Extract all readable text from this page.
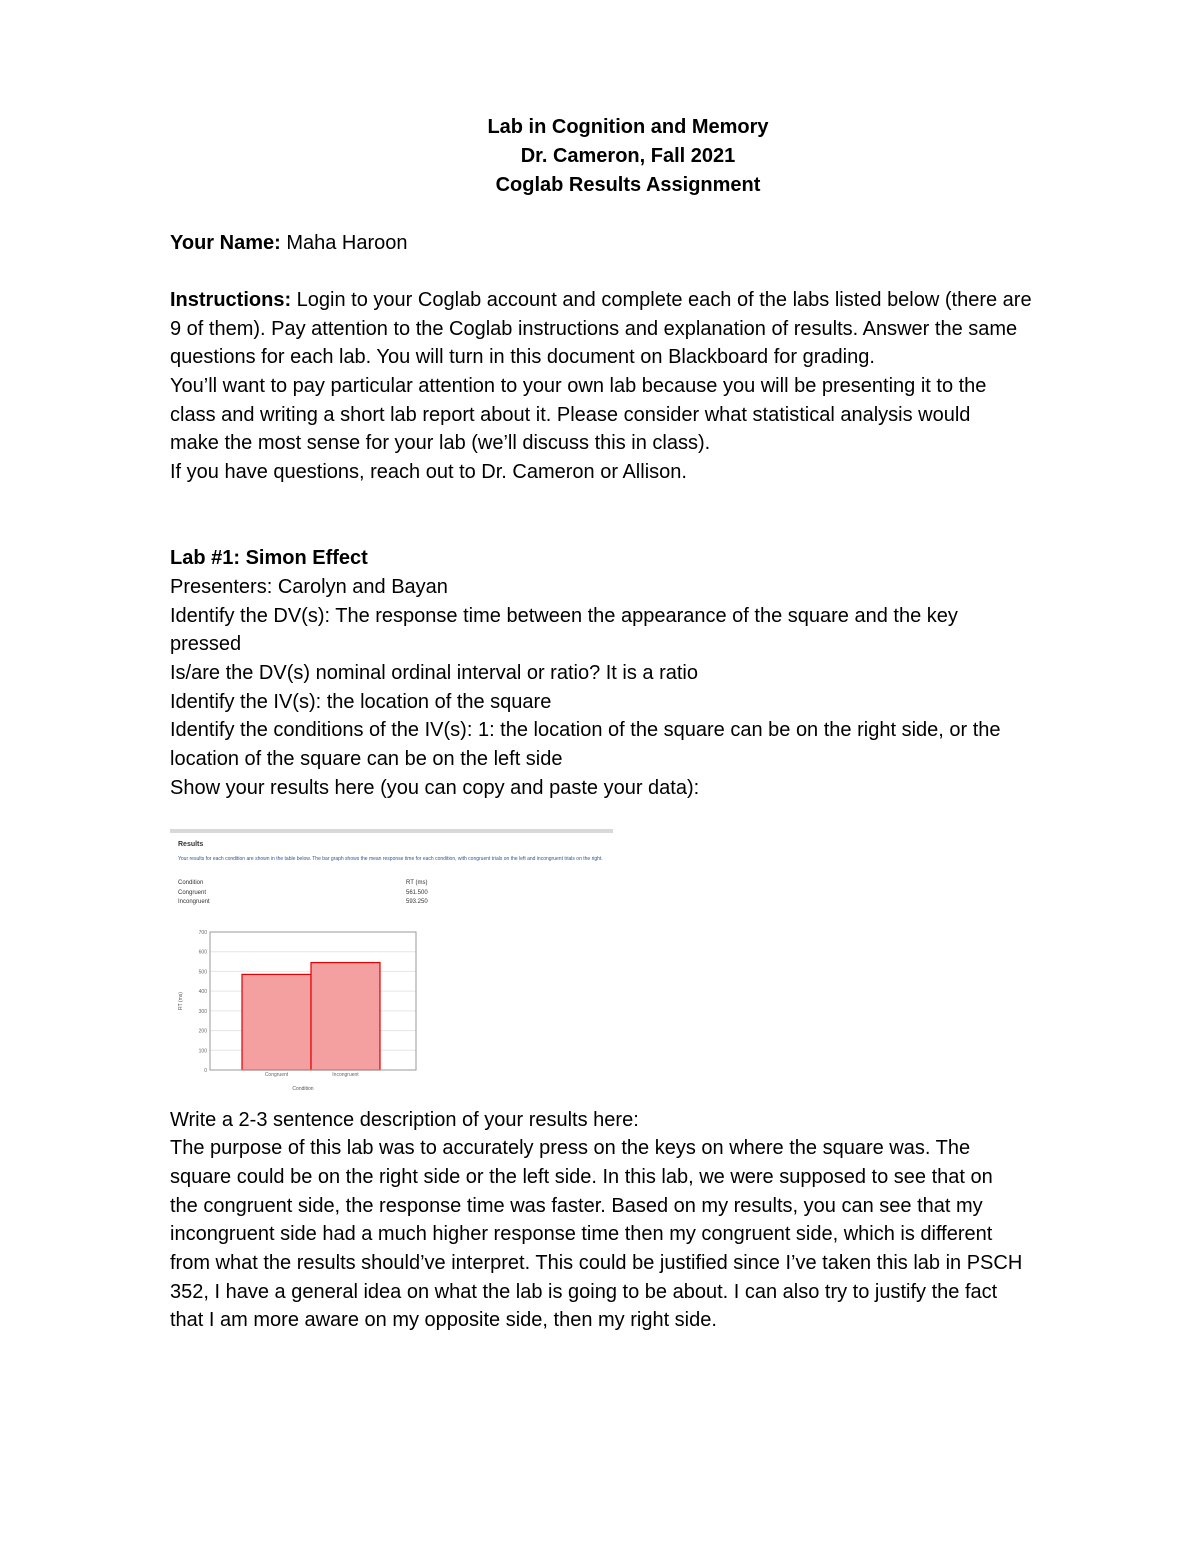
Lab in Cognition and Memory
Dr. Cameron, Fall 2021
Coglab Results Assignment
Your Name: Maha Haroon
Instructions: Login to your Coglab account and complete each of the labs listed below (there are
9 of them). Pay attention to the Coglab instructions and explanation of results. Answer the same
questions for each lab. You will turn in this document on Blackboard for grading.
You’ll want to pay particular attention to your own lab because you will be presenting it to the
class and writing a short lab report about it. Please consider what statistical analysis would
make the most sense for your lab (we’ll discuss this in class).
If you have questions, reach out to Dr. Cameron or Allison.
Lab #1: Simon Effect
Presenters: Carolyn and Bayan
Identify the DV(s): The response time between the appearance of the square and the key
pressed
Is/are the DV(s) nominal ordinal interval or ratio? It is a ratio
Identify the IV(s): the location of the square
Identify the conditions of the IV(s): 1: the location of the square can be on the right side, or the
location of the square can be on the left side
Show your results here (you can copy and paste your data):
Results
Your results for each condition are shown in the table below. The bar graph shows the mean response time for each condition, with congruent trials on the left and incongruent trials on the right.
Condition	RT (ms)
Congruent	561.500
Incongruent	593.250
0
100
200
300
400
500
600
700
Congruent	Incongruent
Condition
RT (ms)
Write a 2-3 sentence description of your results here:
The purpose of this lab was to accurately press on the keys on where the square was. The
square could be on the right side or the left side. In this lab, we were supposed to see that on
the congruent side, the response time was faster. Based on my results, you can see that my
incongruent side had a much higher response time then my congruent side, which is different
from what the results should’ve interpret. This could be justified since I’ve taken this lab in PSCH
352, I have a general idea on what the lab is going to be about. I can also try to justify the fact
that I am more aware on my opposite side, then my right side.
